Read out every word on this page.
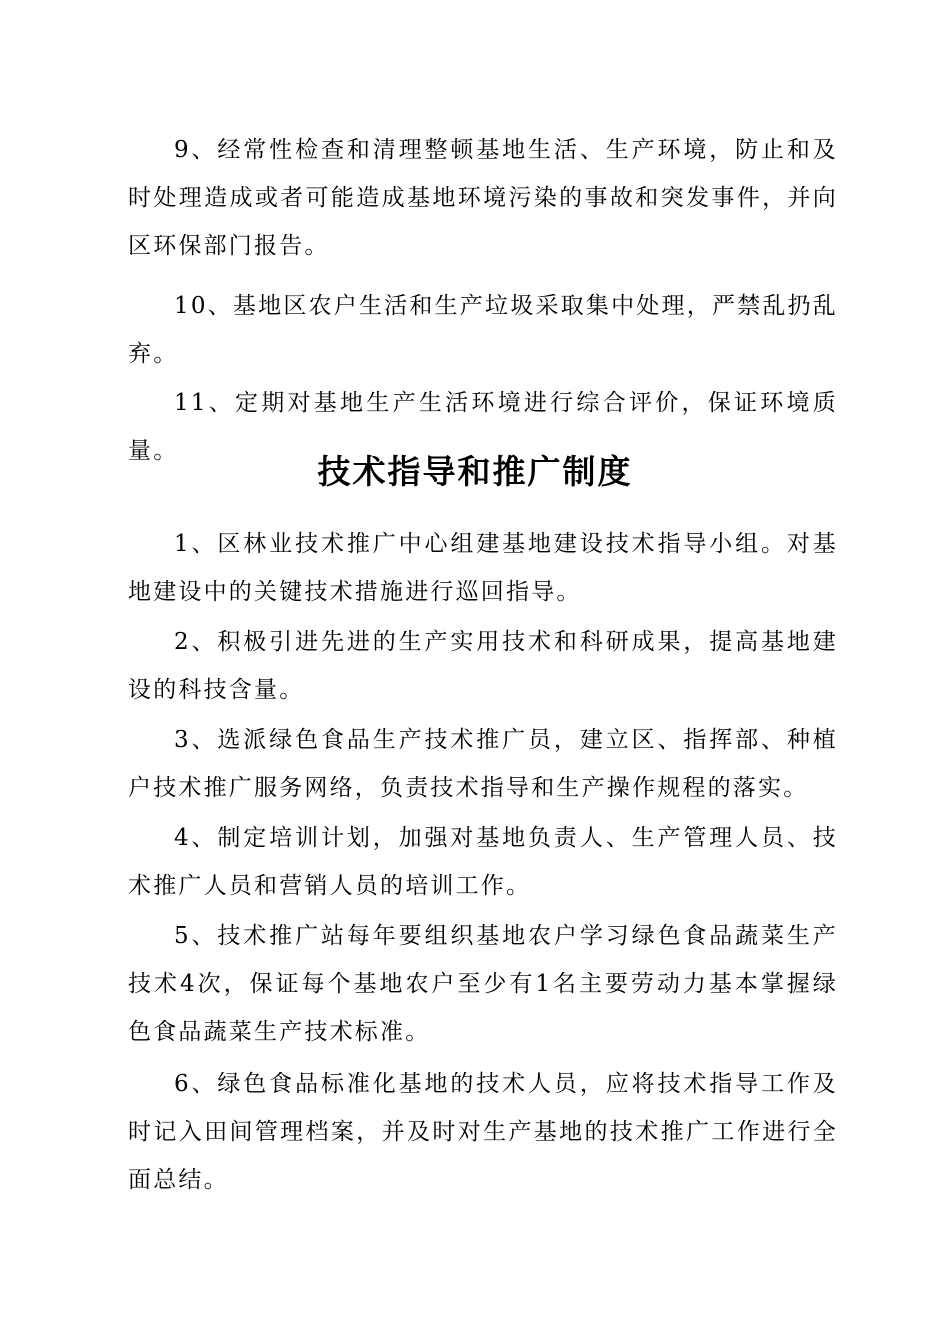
9、经常性检查和清理整顿基地生活、生产环境，防止和及时处理造成或者可能造成基地环境污染的事故和突发事件，并向区环保部门报告。

10、基地区农户生活和生产垃圾采取集中处理，严禁乱扔乱弃。

11、定期对基地生产生活环境进行综合评价，保证环境质量。

技术指导和推广制度

1、区林业技术推广中心组建基地建设技术指导小组。对基地建设中的关键技术措施进行巡回指导。

2、积极引进先进的生产实用技术和科研成果，提高基地建设的科技含量。

3、选派绿色食品生产技术推广员，建立区、指挥部、种植户技术推广服务网络，负责技术指导和生产操作规程的落实。

4、制定培训计划，加强对基地负责人、生产管理人员、技术推广人员和营销人员的培训工作。

5、技术推广站每年要组织基地农户学习绿色食品蔬菜生产技术4次，保证每个基地农户至少有1名主要劳动力基本掌握绿色食品蔬菜生产技术标准。

6、绿色食品标准化基地的技术人员，应将技术指导工作及时记入田间管理档案，并及时对生产基地的技术推广工作进行全面总结。
